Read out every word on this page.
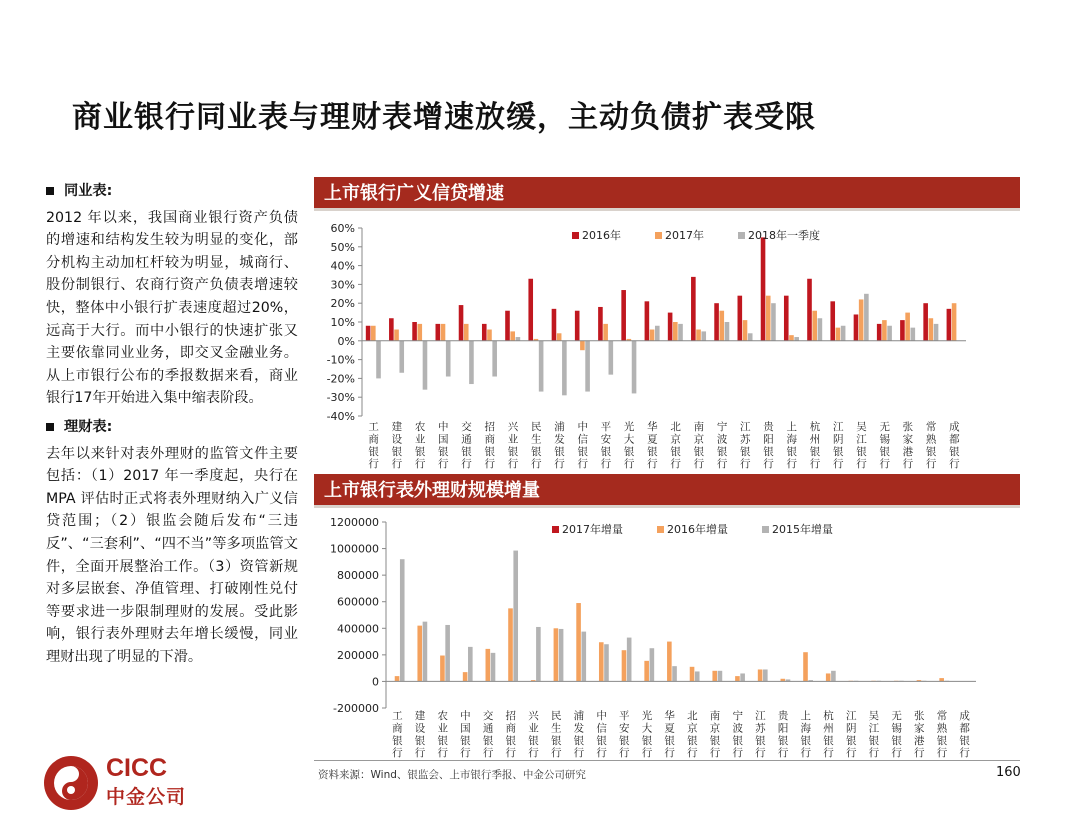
商业银行同业表与理财表增速放缓，主动负债扩表受限
同业表:
2012 年以来，我国商业银行资产负债的增速和结构发生较为明显的变化，部分机构主动加杠杆较为明显，城商行、股份制银行、农商行资产负债表增速较快，整体中小银行扩表速度超过20%，远高于大行。而中小银行的快速扩张又主要依靠同业业务，即交叉金融业务。从上市银行公布的季报数据来看，商业银行17年开始进入集中缩表阶段。
理财表:
去年以来针对表外理财的监管文件主要包括：（1）2017 年一季度起，央行在MPA 评估时正式将表外理财纳入广义信贷范围；（2）银监会随后发布“三违反”、“三套利”、“四不当”等多项监管文件，全面开展整治工作。（3）资管新规对多层嵌套、净值管理、打破刚性兑付等要求进一步限制理财的发展。受此影响，银行表外理财去年增长缓慢，同业理财出现了明显的下滑。
上市银行广义信贷增速
60%
50%
40%
30%
20%
10%
0%
-10%
-20%
-30%
-40%
工商银行
建设银行
农业银行
中国银行
交通银行
招商银行
兴业银行
民生银行
浦发银行
中信银行
平安银行
光大银行
华夏银行
北京银行
南京银行
宁波银行
江苏银行
贵阳银行
上海银行
杭州银行
江阴银行
吴江银行
无锡银行
张家港行
常熟银行
成都银行
2016年	2017年	2018年一季度
上市银行表外理财规模增量
1200000
1000000
800000
600000
400000
200000
0
-200000
工商银行
建设银行
农业银行
中国银行
交通银行
招商银行
兴业银行
民生银行
浦发银行
中信银行
平安银行
光大银行
华夏银行
北京银行
南京银行
宁波银行
江苏银行
贵阳银行
上海银行
杭州银行
江阴银行
吴江银行
无锡银行
张家港行
常熟银行
成都银行
2017年增量	2016年增量	2015年增量
资料来源：Wind、银监会、上市银行季报、中金公司研究	160
CICC
中金公司
